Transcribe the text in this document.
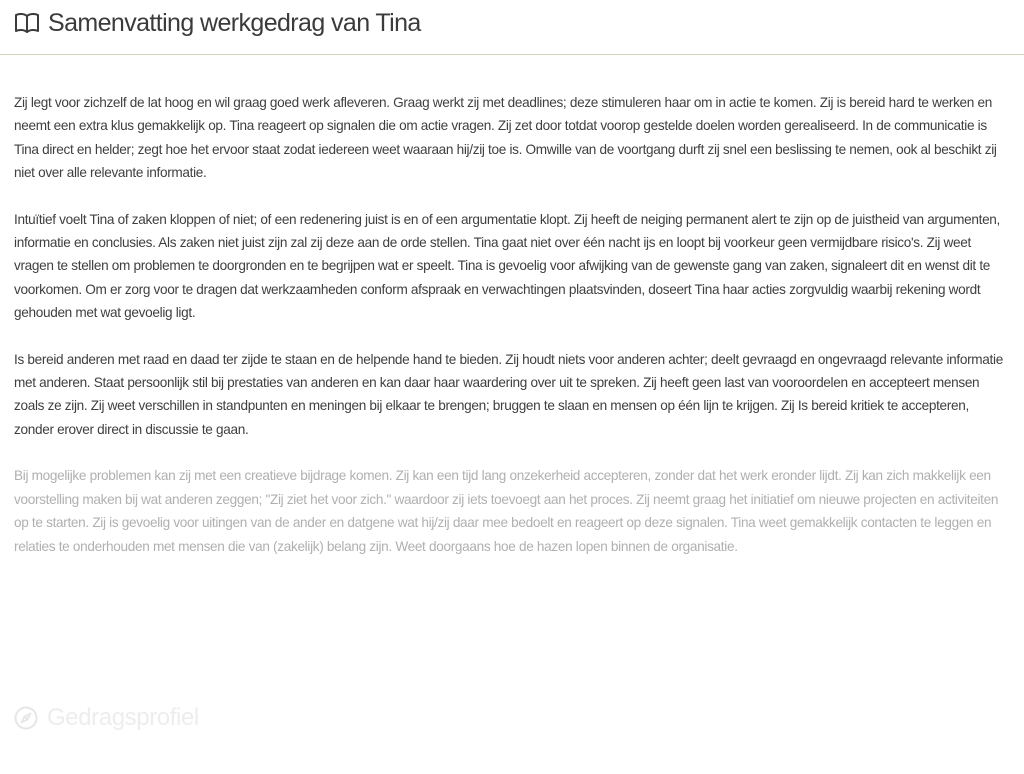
Samenvatting werkgedrag van Tina

Zij legt voor zichzelf de lat hoog en wil graag goed werk afleveren. Graag werkt zij met deadlines; deze stimuleren haar om in actie te komen. Zij is bereid hard te werken en neemt een extra klus gemakkelijk op. Tina reageert op signalen die om actie vragen. Zij zet door totdat voorop gestelde doelen worden gerealiseerd. In de communicatie is Tina direct en helder; zegt hoe het ervoor staat zodat iedereen weet waaraan hij/zij toe is. Omwille van de voortgang durft zij snel een beslissing te nemen, ook al beschikt zij niet over alle relevante informatie.

Intuïtief voelt Tina of zaken kloppen of niet; of een redenering juist is en of een argumentatie klopt. Zij heeft de neiging permanent alert te zijn op de juistheid van argumenten, informatie en conclusies. Als zaken niet juist zijn zal zij deze aan de orde stellen. Tina gaat niet over één nacht ijs en loopt bij voorkeur geen vermijdbare risico's. Zij weet vragen te stellen om problemen te doorgronden en te begrijpen wat er speelt. Tina is gevoelig voor afwijking van de gewenste gang van zaken, signaleert dit en wenst dit te voorkomen. Om er zorg voor te dragen dat werkzaamheden conform afspraak en verwachtingen plaatsvinden, doseert Tina haar acties zorgvuldig waarbij rekening wordt gehouden met wat gevoelig ligt.

Is bereid anderen met raad en daad ter zijde te staan en de helpende hand te bieden. Zij houdt niets voor anderen achter; deelt gevraagd en ongevraagd relevante informatie met anderen. Staat persoonlijk stil bij prestaties van anderen en kan daar haar waardering over uit te spreken. Zij heeft geen last van vooroordelen en accepteert mensen zoals ze zijn. Zij weet verschillen in standpunten en meningen bij elkaar te brengen; bruggen te slaan en mensen op één lijn te krijgen. Zij Is bereid kritiek te accepteren, zonder erover direct in discussie te gaan.

Bij mogelijke problemen kan zij met een creatieve bijdrage komen. Zij kan een tijd lang onzekerheid accepteren, zonder dat het werk eronder lijdt. Zij kan zich makkelijk een voorstelling maken bij wat anderen zeggen; "Zij ziet het voor zich." waardoor zij iets toevoegt aan het proces. Zij neemt graag het initiatief om nieuwe projecten en activiteiten op te starten. Zij is gevoelig voor uitingen van de ander en datgene wat hij/zij daar mee bedoelt en reageert op deze signalen. Tina weet gemakkelijk contacten te leggen en relaties te onderhouden met mensen die van (zakelijk) belang zijn. Weet doorgaans hoe de hazen lopen binnen de organisatie.

Gedragsprofiel
